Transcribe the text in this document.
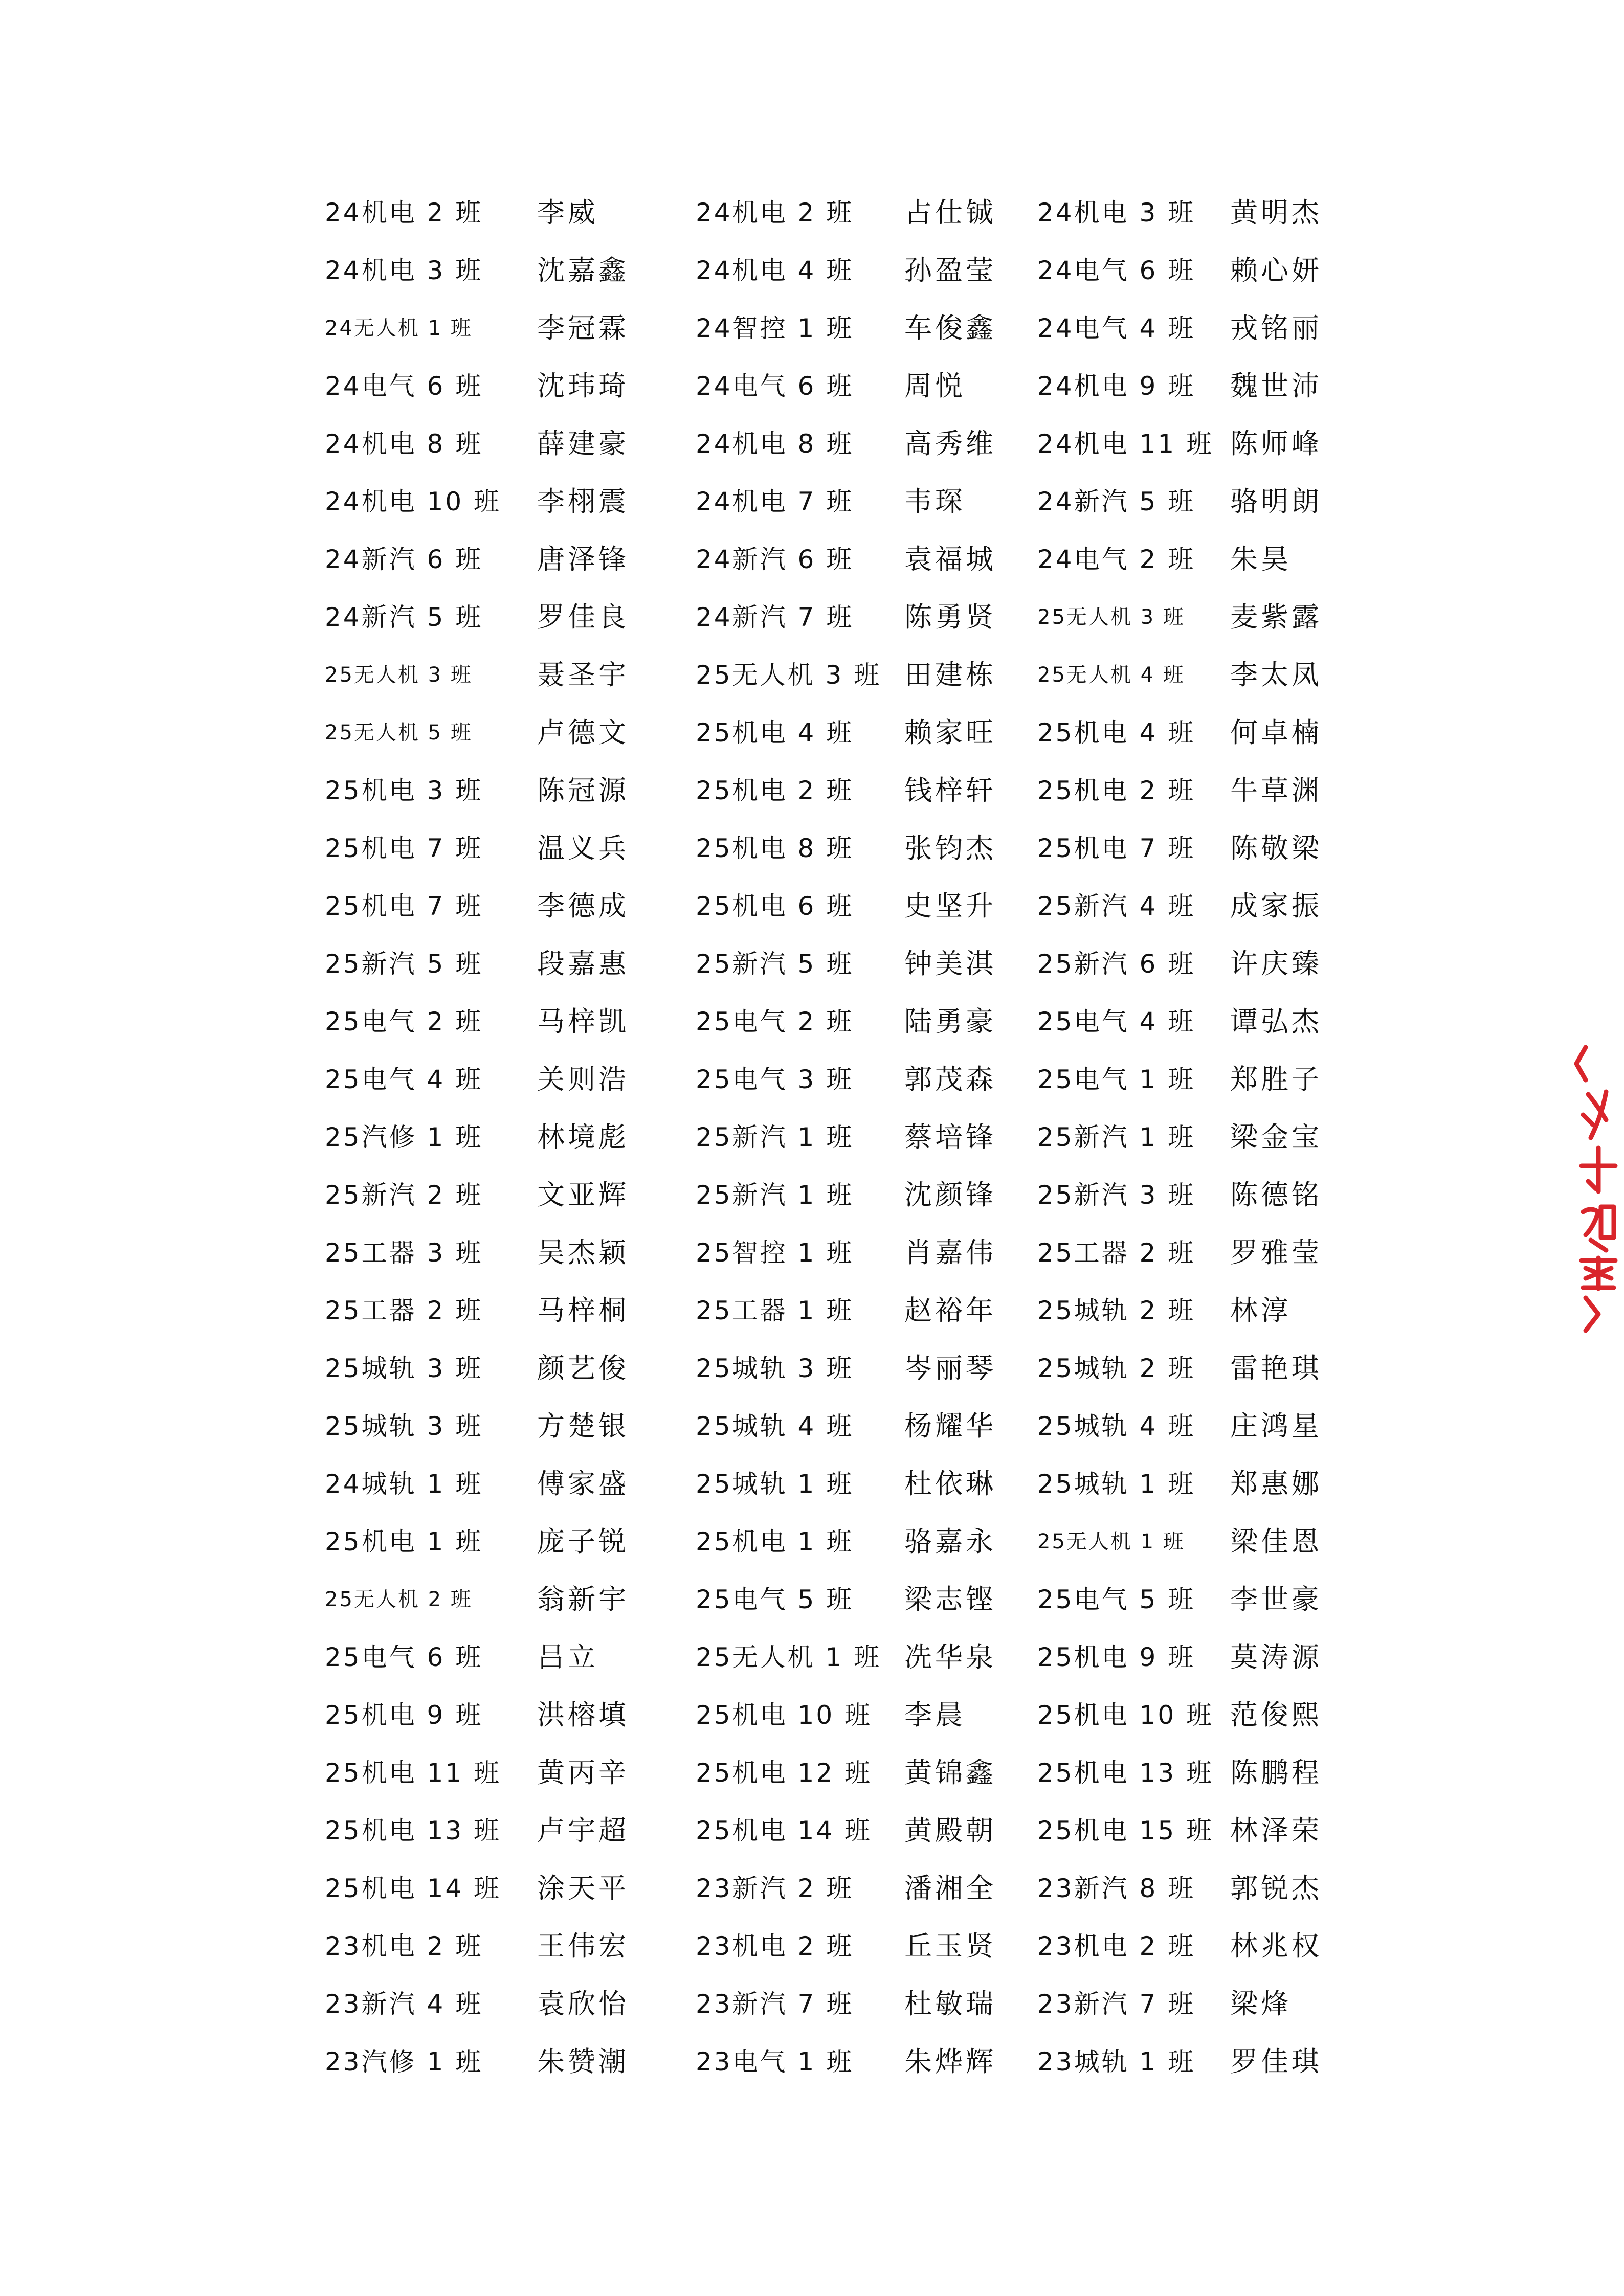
24机电 2 班 李威	24机电 2 班 占仕铖 24机电 3 班 黄明杰
24机电 3 班 沈嘉鑫	24机电 4 班 孙盈莹 24电气 6 班 赖心妍
24无人机 1 班 李冠霖	24智控 1 班 车俊鑫 24电气 4 班 戎铭丽
24电气 6 班 沈玮琦	24电气 6 班 周悦	24机电 9 班 魏世沛
24机电 8 班 薛建豪	24机电 8 班 高秀维 24机电 11 班 陈师峰
24机电 10 班 李栩震	24机电 7 班 韦琛	24新汽 5 班 骆明朗
24新汽 6 班 唐泽锋	24新汽 6 班 袁福城 24电气 2 班 朱昊
24新汽 5 班 罗佳良	24新汽 7 班 陈勇贤 25无人机 3 班 麦紫露
25无人机 3 班 聂圣宇	25无人机 3 班 田建栋 25无人机 4 班 李太凤
25无人机 5 班 卢德文	25机电 4 班 赖家旺 25机电 4 班 何卓楠
25机电 3 班 陈冠源	25机电 2 班 钱梓轩 25机电 2 班 牛草渊
25机电 7 班 温义兵	25机电 8 班 张钧杰 25机电 7 班 陈敬梁
25机电 7 班 李德成	25机电 6 班 史坚升 25新汽 4 班 成家振
25新汽 5 班 段嘉惠	25新汽 5 班 钟美淇 25新汽 6 班 许庆臻
25电气 2 班 马梓凯	25电气 2 班 陆勇豪 25电气 4 班 谭弘杰
25电气 4 班 关则浩	25电气 3 班 郭茂森 25电气 1 班 郑胜子
25汽修 1 班 林境彪	25新汽 1 班 蔡培锋 25新汽 1 班 梁金宝
25新汽 2 班 文亚辉	25新汽 1 班 沈颜锋 25新汽 3 班 陈德铭
25工器 3 班 吴杰颖	25智控 1 班 肖嘉伟 25工器 2 班 罗雅莹
25工器 2 班 马梓桐	25工器 1 班 赵裕年 25城轨 2 班 林淳
25城轨 3 班 颜艺俊	25城轨 3 班 岑丽琴 25城轨 2 班 雷艳琪
25城轨 3 班 方楚银	25城轨 4 班 杨耀华 25城轨 4 班 庄鸿星
24城轨 1 班 傅家盛	25城轨 1 班 杜依琳 25城轨 1 班 郑惠娜
25机电 1 班 庞子锐	25机电 1 班 骆嘉永 25无人机 1 班 梁佳恩
25无人机 2 班 翁新宇	25电气 5 班 梁志铿 25电气 5 班 李世豪
25电气 6 班 吕立	25无人机 1 班 冼华泉 25机电 9 班 莫涛源
25机电 9 班 洪榕填	25机电 10 班 李晨	25机电 10 班 范俊熙
25机电 11 班 黄丙辛	25机电 12 班 黄锦鑫 25机电 13 班 陈鹏程
25机电 13 班 卢宇超	25机电 14 班 黄殿朝 25机电 15 班 林泽荣
25机电 14 班 涂天平	23新汽 2 班 潘湘全 23新汽 8 班 郭锐杰
23机电 2 班 王伟宏	23机电 2 班 丘玉贤 23机电 2 班 林兆权
23新汽 4 班 袁欣怡	23新汽 7 班 杜敏瑞 23新汽 7 班 梁烽
23汽修 1 班 朱赞潮	23电气 1 班 朱烨辉 23城轨 1 班 罗佳琪
